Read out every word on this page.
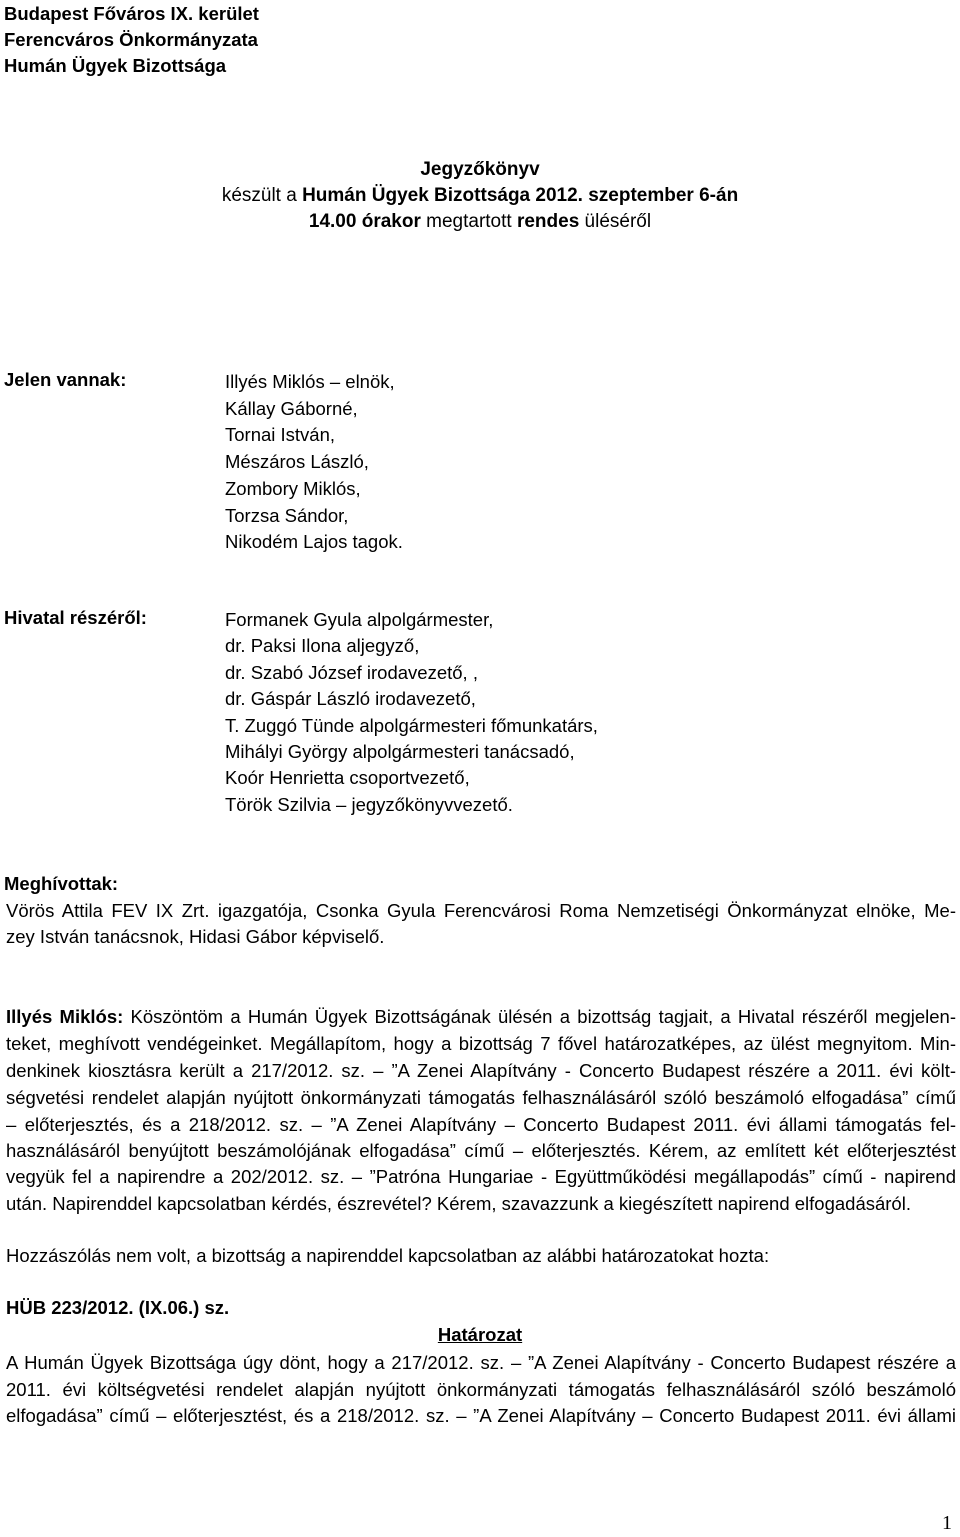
Budapest Főváros IX. kerület
Ferencváros Önkormányzata
Humán Ügyek Bizottsága
Jegyzőkönyv
készült a Humán Ügyek Bizottsága 2012. szeptember 6-án
14.00 órakor megtartott rendes üléséről
Jelen vannak:	Illyés Miklós – elnök,
Kállay Gáborné,
Tornai István,
Mészáros László,
Zombory Miklós,
Torzsa Sándor,
Nikodém Lajos tagok.
Hivatal részéről:	Formanek Gyula alpolgármester,
dr. Paksi Ilona aljegyző,
dr. Szabó József irodavezető, ,
dr. Gáspár László irodavezető,
T. Zuggó Tünde alpolgármesteri főmunkatárs,
Mihályi György alpolgármesteri tanácsadó,
Koór Henrietta csoportvezető,
Török Szilvia – jegyzőkönyvvezető.
Meghívottak:
Vörös Attila FEV IX Zrt. igazgatója, Csonka Gyula Ferencvárosi Roma Nemzetiségi Önkormányzat elnöke, Me-
zey István tanácsnok, Hidasi Gábor képviselő.
Illyés Miklós: Köszöntöm a Humán Ügyek Bizottságának ülésén a bizottság tagjait, a Hivatal részéről megjelen-
teket, meghívott vendégeinket. Megállapítom, hogy a bizottság 7 fővel határozatképes, az ülést megnyitom. Min-
denkinek kiosztásra került a 217/2012. sz. – ”A Zenei Alapítvány - Concerto Budapest részére a 2011. évi költ-
ségvetési rendelet alapján nyújtott önkormányzati támogatás felhasználásáról szóló beszámoló elfogadása” című
– előterjesztés, és a 218/2012. sz. – ”A Zenei Alapítvány – Concerto Budapest 2011. évi állami támogatás fel-
használásáról benyújtott beszámolójának elfogadása” című – előterjesztés. Kérem, az említett két előterjesztést
vegyük fel a napirendre a 202/2012. sz. – ”Patróna Hungariae - Együttműködési megállapodás” című - napirend
után. Napirenddel kapcsolatban kérdés, észrevétel? Kérem, szavazzunk a kiegészített napirend elfogadásáról.
Hozzászólás nem volt, a bizottság a napirenddel kapcsolatban az alábbi határozatokat hozta:
HÜB 223/2012. (IX.06.) sz.
Határozat
A Humán Ügyek Bizottsága úgy dönt, hogy a 217/2012. sz. – ”A Zenei Alapítvány - Concerto Budapest részére a
2011. évi költségvetési rendelet alapján nyújtott önkormányzati támogatás felhasználásáról szóló beszámoló
elfogadása” című – előterjesztést, és a 218/2012. sz. – ”A Zenei Alapítvány – Concerto Budapest 2011. évi állami
1
